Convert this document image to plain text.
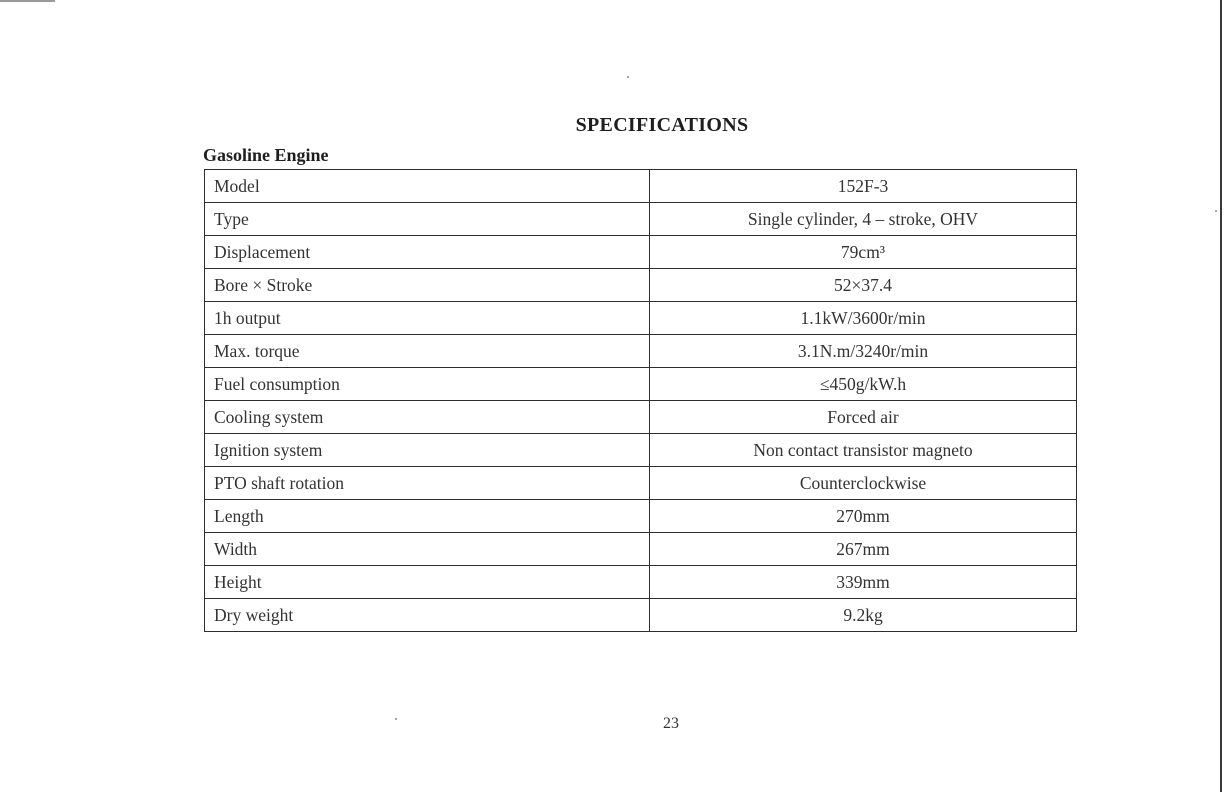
SPECIFICATIONS
Gasoline Engine
Model	152F-3
Type	Single cylinder, 4 – stroke, OHV
Displacement	79cm³
Bore × Stroke	52×37.4
1h output	1.1kW/3600r/min
Max. torque	3.1N.m/3240r/min
Fuel consumption	≤450g/kW.h
Cooling system	Forced air
Ignition system	Non contact transistor magneto
PTO shaft rotation	Counterclockwise
Length	270mm
Width	267mm
Height	339mm
Dry weight	9.2kg
23
